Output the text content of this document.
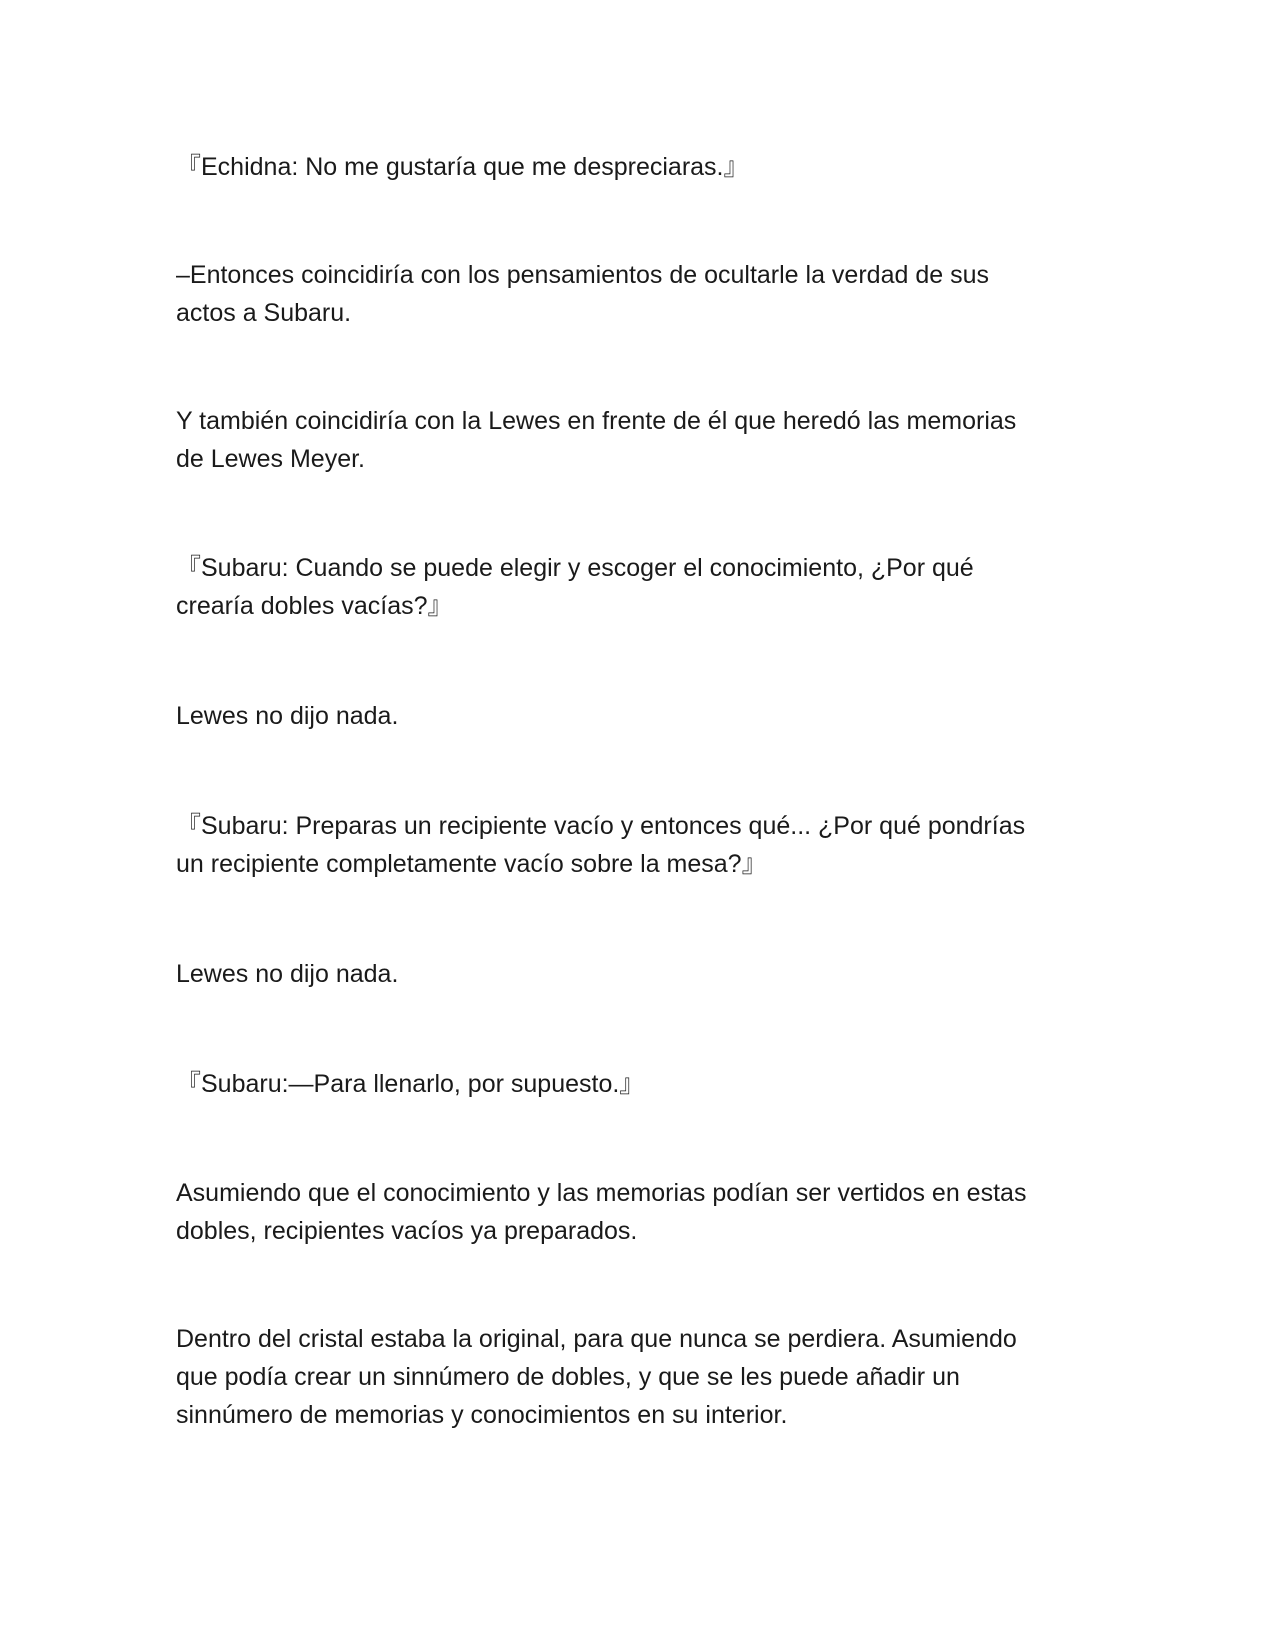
『Echidna: No me gustaría que me despreciaras.』

–Entonces coincidiría con los pensamientos de ocultarle la verdad de sus
actos a Subaru.

Y también coincidiría con la Lewes en frente de él que heredó las memorias
de Lewes Meyer.

『Subaru: Cuando se puede elegir y escoger el conocimiento, ¿Por qué
crearía dobles vacías?』

Lewes no dijo nada.

『Subaru: Preparas un recipiente vacío y entonces qué... ¿Por qué pondrías
un recipiente completamente vacío sobre la mesa?』

Lewes no dijo nada.

『Subaru:—Para llenarlo, por supuesto.』

Asumiendo que el conocimiento y las memorias podían ser vertidos en estas
dobles, recipientes vacíos ya preparados.

Dentro del cristal estaba la original, para que nunca se perdiera. Asumiendo
que podía crear un sinnúmero de dobles, y que se les puede añadir un
sinnúmero de memorias y conocimientos en su interior.
